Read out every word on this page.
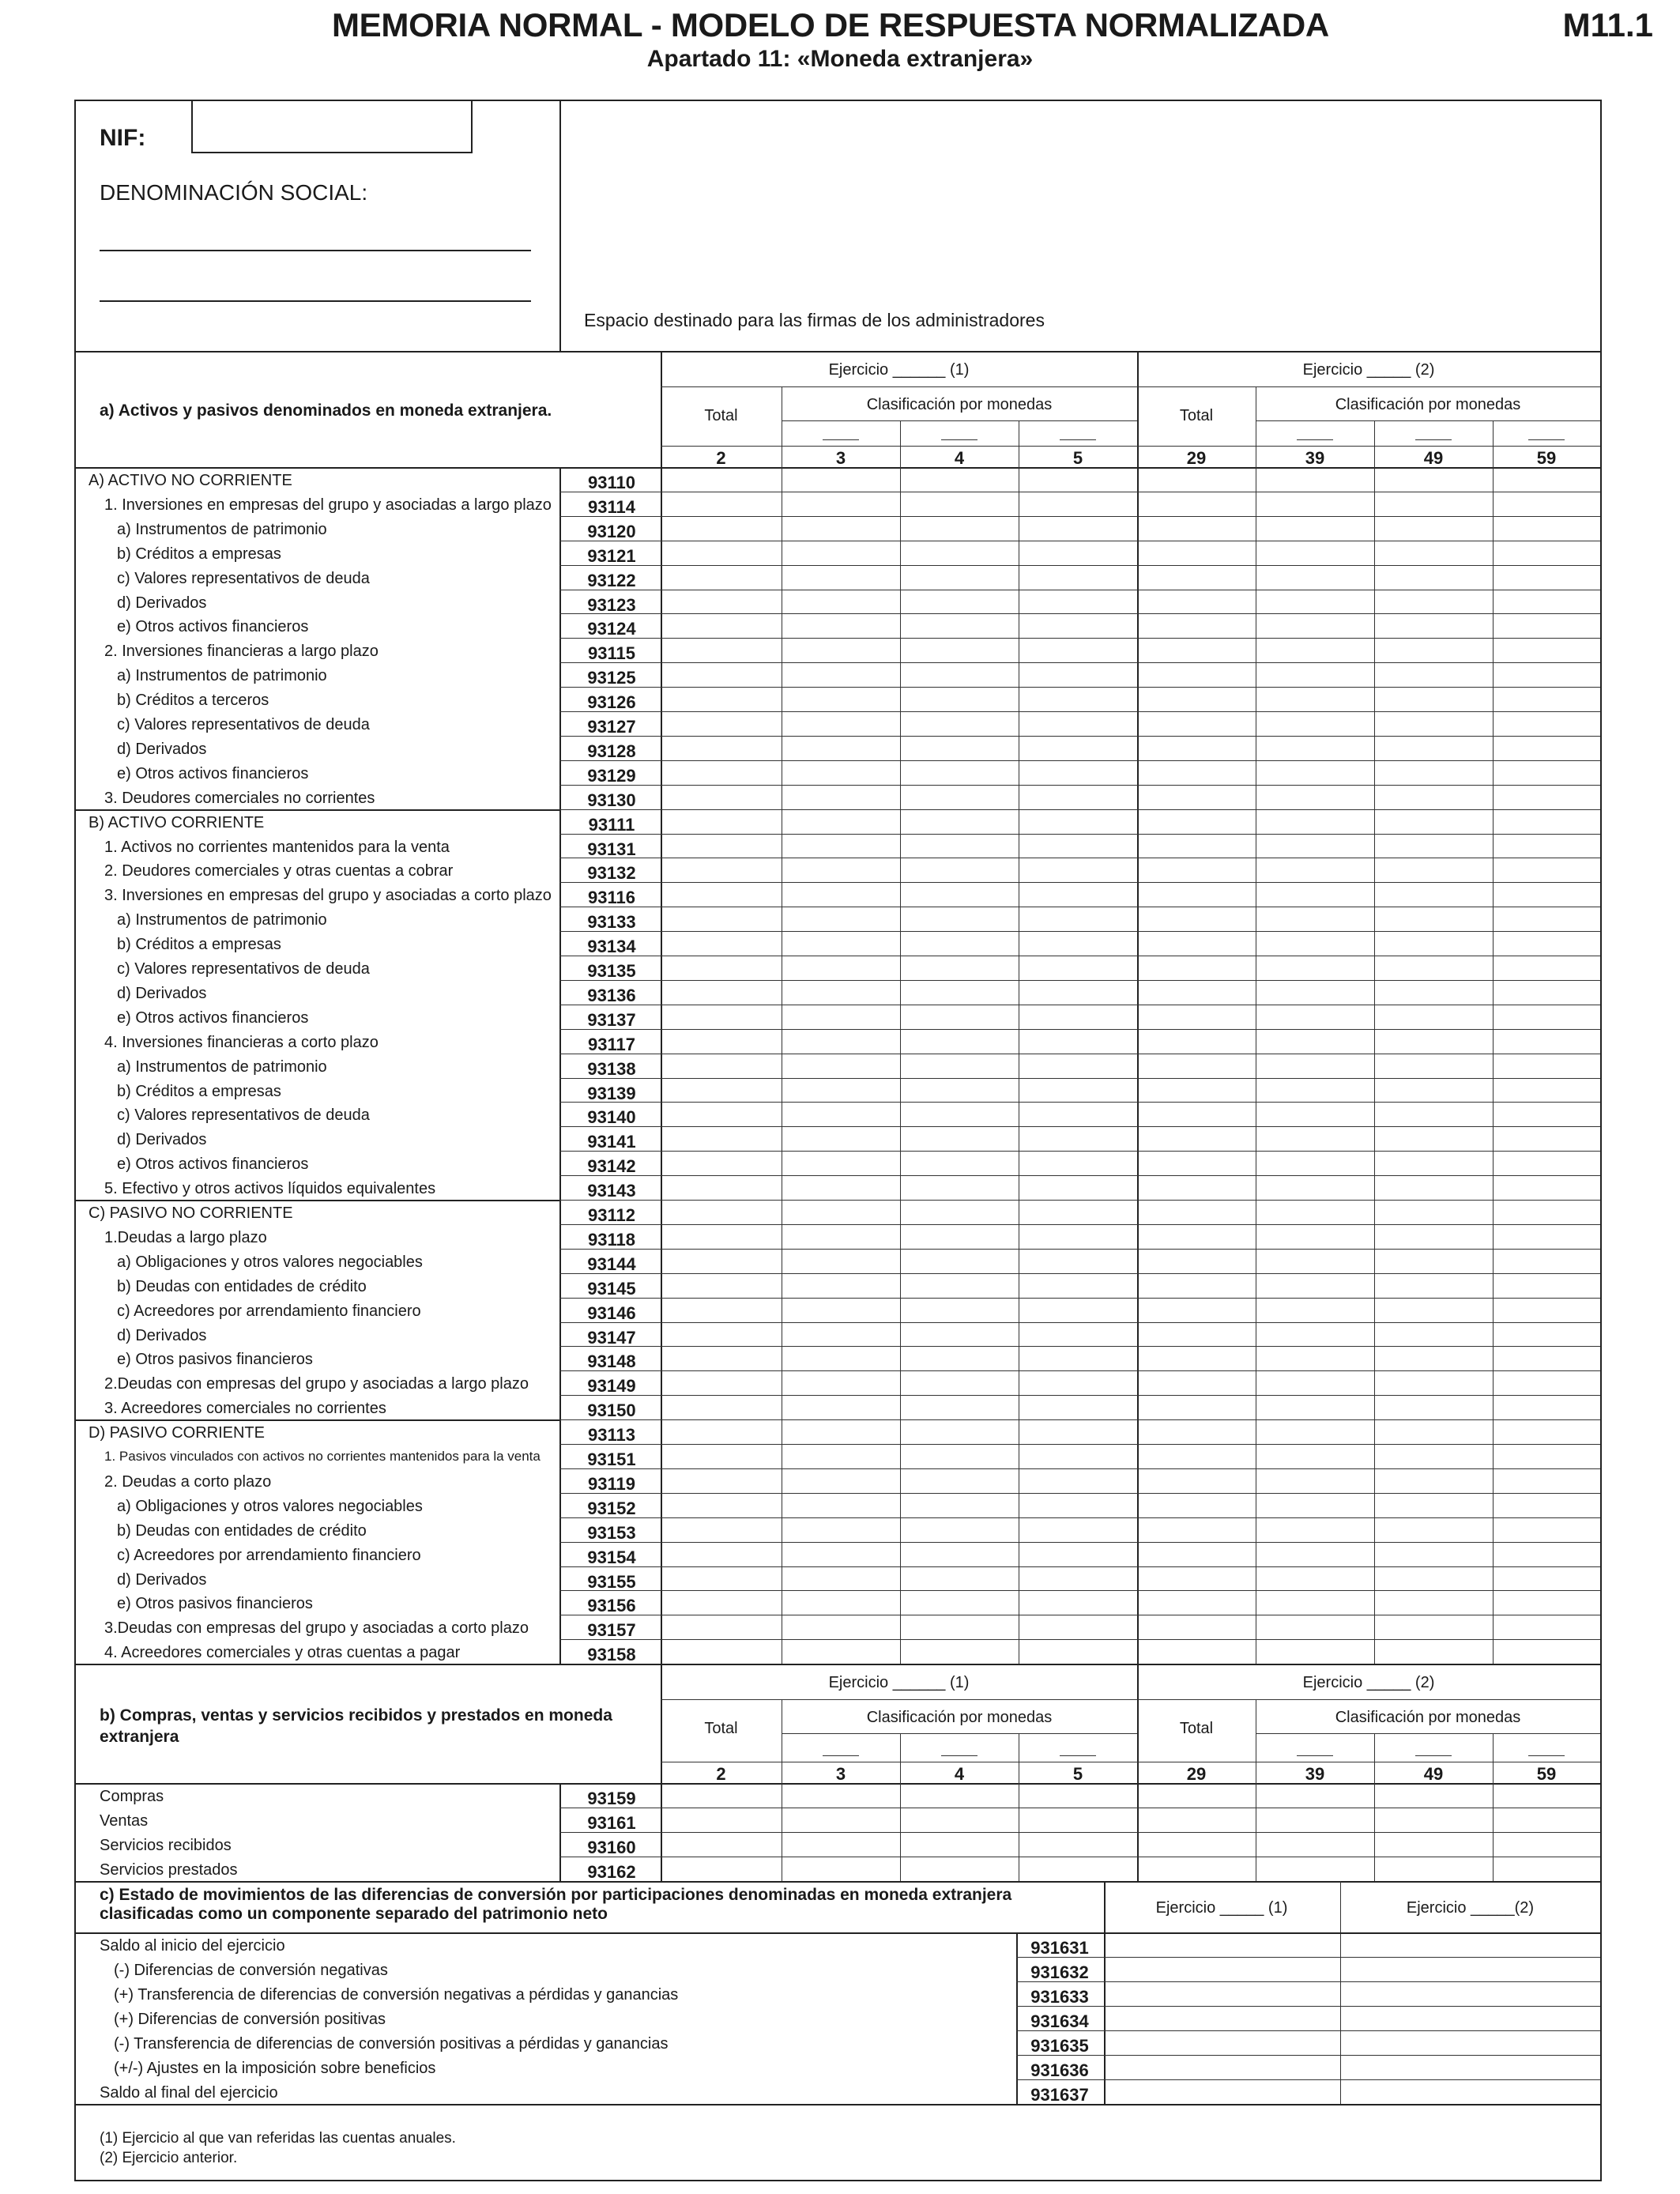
MEMORIA NORMAL - MODELO DE RESPUESTA NORMALIZADA	M11.1
Apartado 11: «Moneda extranjera»
NIF:
DENOMINACIÓN SOCIAL:
Espacio destinado para las firmas de los administradores
a) Activos y pasivos denominados en moneda extranjera.
Ejercicio ______ (1)	Ejercicio _____ (2)
Total	Total
Clasificación por monedas	Clasificación por monedas
2	3	4	5	29	39	49	59
A) ACTIVO NO CORRIENTE	93110
1. Inversiones en empresas del grupo y asociadas a largo plazo	93114
a) Instrumentos de patrimonio	93120
b) Créditos a empresas	93121
c) Valores representativos de deuda	93122
d) Derivados	93123
e) Otros activos financieros	93124
2. Inversiones financieras a largo plazo	93115
a) Instrumentos de patrimonio	93125
b) Créditos a terceros	93126
c) Valores representativos de deuda	93127
d) Derivados	93128
e) Otros activos financieros	93129
3. Deudores comerciales no corrientes	93130
B) ACTIVO CORRIENTE	93111
1. Activos no corrientes mantenidos para la venta	93131
2. Deudores comerciales y otras cuentas a cobrar	93132
3. Inversiones en empresas del grupo y asociadas a corto plazo	93116
a) Instrumentos de patrimonio	93133
b) Créditos a empresas	93134
c) Valores representativos de deuda	93135
d) Derivados	93136
e) Otros activos financieros	93137
4. Inversiones financieras a corto plazo	93117
a) Instrumentos de patrimonio	93138
b) Créditos a empresas	93139
c) Valores representativos de deuda	93140
d) Derivados	93141
e) Otros activos financieros	93142
5. Efectivo y otros activos líquidos equivalentes	93143
C) PASIVO NO CORRIENTE	93112
1.Deudas a largo plazo	93118
a) Obligaciones y otros valores negociables	93144
b) Deudas con entidades de crédito	93145
c) Acreedores por arrendamiento financiero	93146
d) Derivados	93147
e) Otros pasivos financieros	93148
2.Deudas con empresas del grupo y asociadas a largo plazo	93149
3. Acreedores comerciales no corrientes	93150
D) PASIVO CORRIENTE	93113
1. Pasivos vinculados con activos no corrientes mantenidos para la venta	93151
2. Deudas a corto plazo	93119
a) Obligaciones y otros valores negociables	93152
b) Deudas con entidades de crédito	93153
c) Acreedores por arrendamiento financiero	93154
d) Derivados	93155
e) Otros pasivos financieros	93156
3.Deudas con empresas del grupo y asociadas a corto plazo	93157
4. Acreedores comerciales y otras cuentas a pagar	93158
b) Compras, ventas y servicios recibidos y prestados en moneda extranjera
Ejercicio ______ (1)	Ejercicio _____ (2)
Total	Total
Clasificación por monedas	Clasificación por monedas
2	3	4	5	29	39	49	59
Compras	93159
Ventas	93161
Servicios recibidos	93160
Servicios prestados	93162
c) Estado de movimientos de las diferencias de conversión por participaciones denominadas en moneda extranjera clasificadas como un componente separado del patrimonio neto	Ejercicio _____ (1)	Ejercicio _____(2)
Saldo al inicio del ejercicio	931631
(-) Diferencias de conversión negativas	931632
(+) Transferencia de diferencias de conversión negativas a pérdidas y ganancias	931633
(+) Diferencias de conversión positivas	931634
(-) Transferencia de diferencias de conversión positivas a pérdidas y ganancias	931635
(+/-) Ajustes en la imposición sobre beneficios	931636
Saldo al final del ejercicio	931637
(1) Ejercicio al que van referidas las cuentas anuales.
(2) Ejercicio anterior.
